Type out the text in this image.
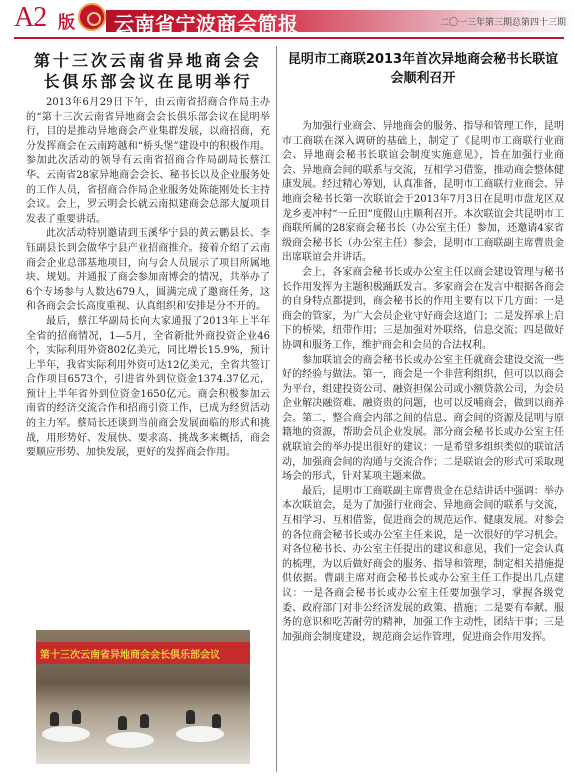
A2 版 云南省宁波商会简报	二〇一三年第三期总第四十三期
第十三次云南省异地商会会长俱乐部会议在昆明举行

2013年6月29日下午，由云南省招商合作局主办的“第十三次云南省异地商会会长俱乐部会议在昆明举行，目的是推动异地商会产业集群发展，以商招商，充分发挥商会在云南跨越和“桥头堡”建设中的积极作用。参加此次活动的领导有云南省招商合作局副局长蔡江华、云南省28家异地商会会长、秘书长以及企业服务处的工作人员，省招商合作局企业服务处陈能刚处长主持会议。会上，罗云明会长就云南拟建商会总部大厦项目发表了重要讲话。

此次活动特别邀请到玉溪华宁县的黄云鹏县长、李钰副县长到会做华宁县产业招商推介。接着介绍了云南商会企业总部基地项目，向与会人员展示了项目所属地块、规划。并通报了商会参加南博会的情况，共举办了6个专场参与人数达679人，圆满完成了邀商任务，这和各商会会长高度重视、认真组织和安排是分不开的。

最后，蔡江华副局长向大家通报了2013年上半年全省的招商情况，1—5月，全省新批外商投资企业46个，实际利用外资802亿美元，同比增长15.9%，预计上半年，我省实际利用外资可达12亿美元，全省共签订合作项目6573个，引进省外到位资金1374.37亿元，预计上半年省外到位资金1650亿元。商会积极参加云南省的经济交流合作和招商引资工作，已成为经贸活动的主力军。蔡局长还谈到当前商会发展面临的形式和挑战，用形势好、发展快、要求高、挑战多来概括，商会要顺应形势、加快发展，更好的发挥商会作用。

第十三次云南省异地商会会长俱乐部会议
昆明市工商联2013年首次异地商会秘书长联谊会顺利召开

为加强行业商会、异地商会的服务、指导和管理工作，昆明市工商联在深入调研的基础上，制定了《昆明市工商联行业商会、异地商会秘书长联谊会制度实施意见》，旨在加强行业商会、异地商会间的联系与交流，互相学习借鉴，推动商会整体健康发展。经过精心筹划，认真准备，昆明市工商联行业商会、异地商会秘书长第一次联谊会于2013年7月3日在昆明市盘龙区双龙乡麦冲村“一丘田”度假山庄顺利召开。本次联谊会共昆明市工商联所属的28家商会秘书长（办公室主任）参加，还邀请4家省级商会秘书长（办公室主任）参会，昆明市工商联副主席曹贵金出席联谊会并讲话。

会上，各家商会秘书长或办公室主任以商会建设管理与秘书长作用发挥为主题积极踊跃发言。多家商会在发言中根据各商会的自身特点都提到，商会秘书长的作用主要有以下几方面：一是商会的管家，为广大会员企业守好商会这道门；二是发挥承上启下的桥梁，纽带作用；三是加强对外联络，信息交流；四是做好协调和服务工作，维护商会和会员的合法权利。

参加联谊会的商会秘书长或办公室主任就商会建设交流一些好的经验与做法。第一，商会是一个非营利组织，但可以以商会为平台，组建投资公司、融资担保公司或小额贷款公司，为会员企业解决融资难、融资贵的问题，也可以反哺商会，做到以商养会。第二，整合商会内部之间的信息、商会间的资源及昆明与原籍地的资源，帮助会员企业发展。部分商会秘书长或办公室主任就联谊会的举办提出很好的建议：一是希望多组织类似的联谊活动，加强商会间的沟通与交流合作；二是联谊会的形式可采取现场会的形式，针对某项主题来做。

最后，昆明市工商联副主席曹贵金在总结讲话中强调：举办本次联谊会，是为了加强行业商会、异地商会间的联系与交流，互相学习、互相借鉴，促进商会的规范运作、健康发展。对参会的各位商会秘书长或办公室主任来说，是一次很好的学习机会。对各位秘书长、办公室主任提出的建议和意见，我们一定会认真的梳理，为以后做好商会的服务、指导和管理，制定相关措施提供依据。曹副主席对商会秘书长或办公室主任工作提出几点建议：一是各商会秘书长或办公室主任要加强学习，掌握各级党委、政府部门对非公经济发展的政策、措施；二是要有奉献、服务的意识和吃苦耐劳的精神，加强工作主动性，团结干事；三是加强商会制度建设，规范商会运作管理，促进商会作用发挥。
